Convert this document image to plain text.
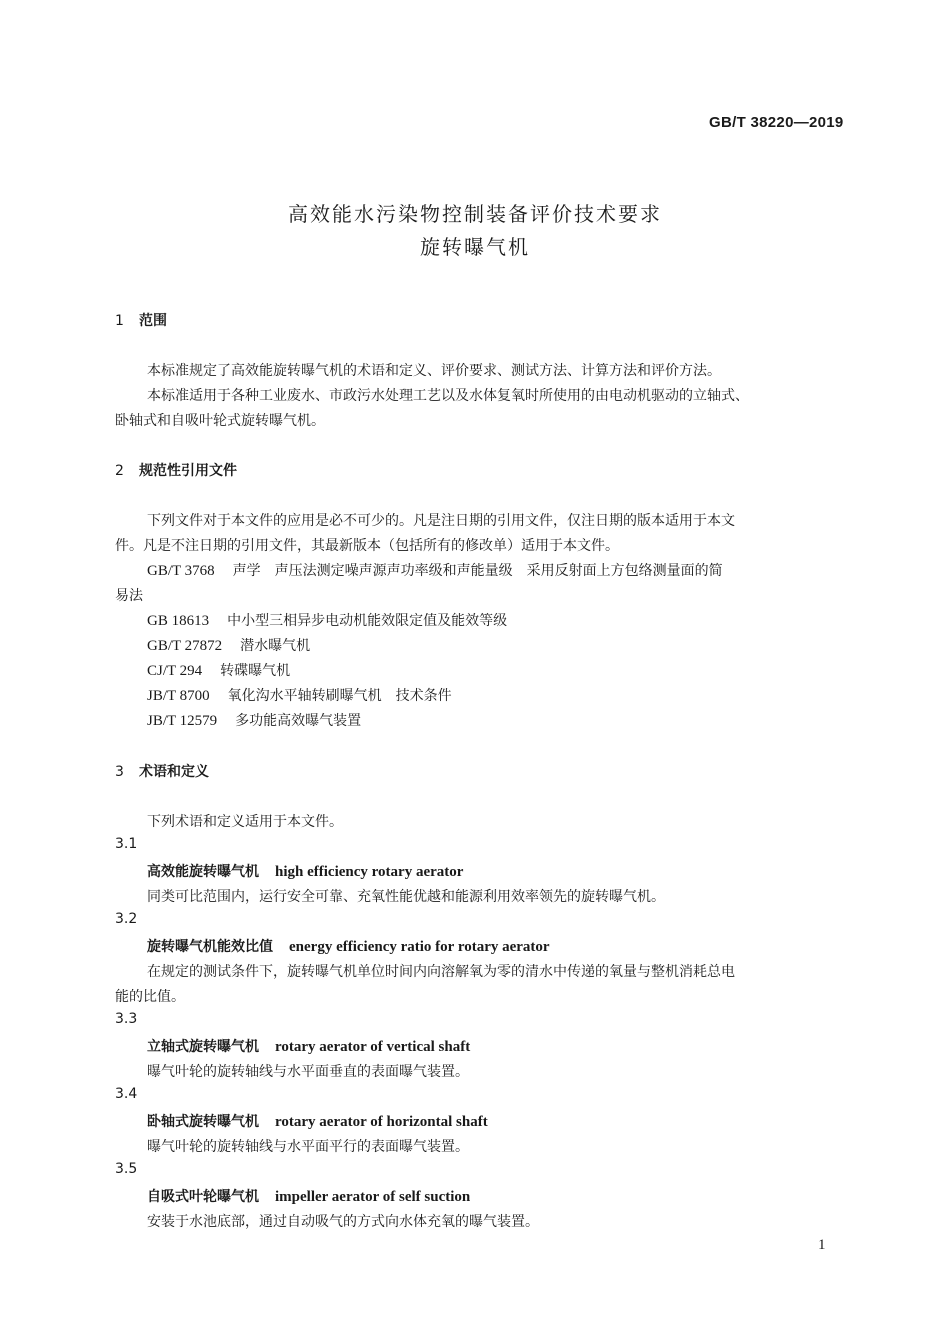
GB/T 38220—2019
高效能水污染物控制装备评价技术要求
旋转曝气机
1 范围
本标准规定了高效能旋转曝气机的术语和定义、评价要求、测试方法、计算方法和评价方法。
本标准适用于各种工业废水、市政污水处理工艺以及水体复氧时所使用的由电动机驱动的立轴式、
卧轴式和自吸叶轮式旋转曝气机。
2 规范性引用文件
下列文件对于本文件的应用是必不可少的。凡是注日期的引用文件，仅注日期的版本适用于本文
件。凡是不注日期的引用文件，其最新版本（包括所有的修改单）适用于本文件。
GB/T 3768 声学　声压法测定噪声源声功率级和声能量级　采用反射面上方包络测量面的简
易法
GB 18613 中小型三相异步电动机能效限定值及能效等级
GB/T 27872 潜水曝气机
CJ/T 294 转碟曝气机
JB/T 8700 氧化沟水平轴转刷曝气机　技术条件
JB/T 12579 多功能高效曝气装置
3 术语和定义
下列术语和定义适用于本文件。
3.1
高效能旋转曝气机 high efficiency rotary aerator
同类可比范围内，运行安全可靠、充氧性能优越和能源利用效率领先的旋转曝气机。
3.2
旋转曝气机能效比值 energy efficiency ratio for rotary aerator
在规定的测试条件下，旋转曝气机单位时间内向溶解氧为零的清水中传递的氧量与整机消耗总电
能的比值。
3.3
立轴式旋转曝气机 rotary aerator of vertical shaft
曝气叶轮的旋转轴线与水平面垂直的表面曝气装置。
3.4
卧轴式旋转曝气机 rotary aerator of horizontal shaft
曝气叶轮的旋转轴线与水平面平行的表面曝气装置。
3.5
自吸式叶轮曝气机 impeller aerator of self suction
安装于水池底部，通过自动吸气的方式向水体充氧的曝气装置。
1
